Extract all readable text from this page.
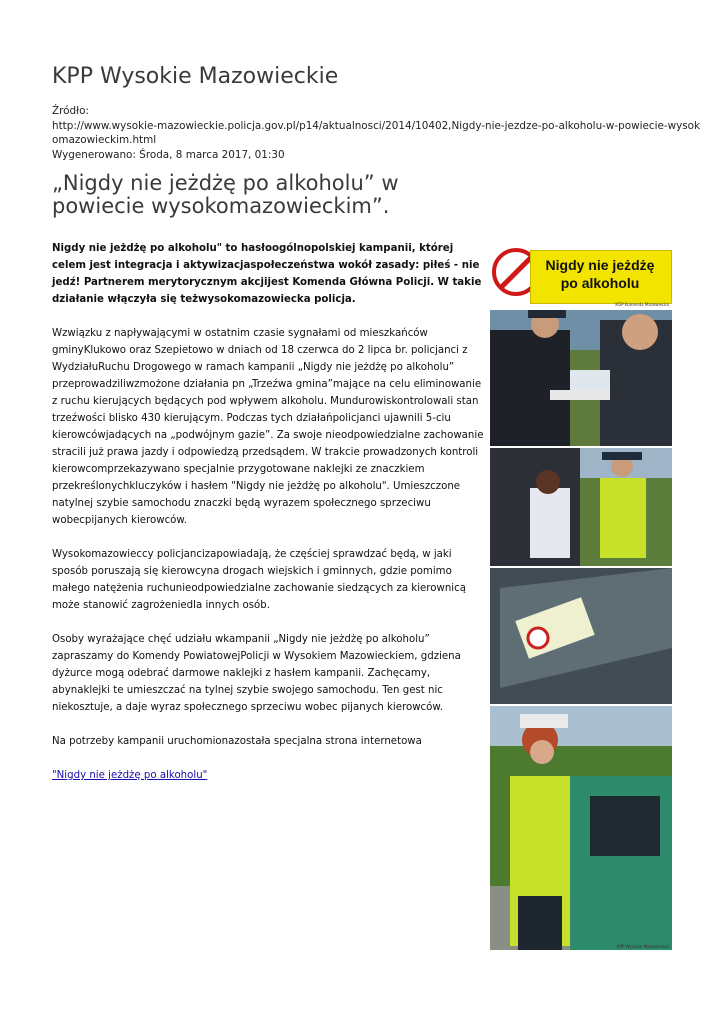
KPP Wysokie Mazowieckie
Źródło:
http://www.wysokie-mazowieckie.policja.gov.pl/p14/aktualnosci/2014/10402,Nigdy-nie-jezdze-po-alkoholu-w-powiecie-wysok
omazowieckim.html
Wygenerowano: Środa, 8 marca 2017, 01:30
„Nigdy nie jeżdżę po alkoholu” w powiecie wysokomazowieckim”.

Nigdy nie jeżdżę po alkoholu" to hasłoogólnopolskiej kampanii, której celem jest integracja i aktywizacjaspołeczeństwa wokół zasady: piłeś - nie jedź! Partnerem merytorycznym akcjijest Komenda Główna Policji. W takie działanie włączyła się teżwysokomazowiecka policja.

Wzwiązku z napływającymi w ostatnim czasie sygnałami od mieszkańców gminyKlukowo oraz Szepietowo w dniach od 18 czerwca do 2 lipca br. policjanci z WydziałuRuchu Drogowego w ramach kampanii „Nigdy nie jeżdżę po alkoholu” przeprowadziliwzmożone działania pn „Trzeźwa gmina”mające na celu eliminowanie z ruchu kierujących będących pod wpływem alkoholu. Mundurowiskontrolowali stan trzeźwości blisko 430 kierującym. Podczas tych działańpolicjanci ujawnili 5-ciu kierowcówjadących na „podwójnym gazie”. Za swoje nieodpowiedzialne zachowanie stracili już prawa jazdy i odpowiedzą przedsądem. W trakcie prowadzonych kontroli kierowcomprzekazywano specjalnie przygotowane naklejki ze znaczkiem przekreślonychkluczyków i hasłem "Nigdy nie jeżdżę po alkoholu". Umieszczone natylnej szybie samochodu znaczki będą wyrazem społecznego sprzeciwu wobecpijanych kierowców.

Wysokomazowieccy policjancizapowiadają, że częściej sprawdzać będą, w jaki sposób poruszają się kierowcyna drogach wiejskich i gminnych, gdzie pomimo małego natężenia ruchunieodpowiedzialne zachowanie siedzących za kierownicą może stanowić zagrożeniedla innych osób.

Osoby wyrażające chęć udziału wkampanii „Nigdy nie jeżdżę po alkoholu” zapraszamy do Komendy PowiatowejPolicji w Wysokiem Mazowieckiem, gdziena dyżurce mogą odebrać darmowe naklejki z hasłem kampanii. Zachęcamy, abynaklejki te umieszczać na tylnej szybie swojego samochodu. Ten gest nic niekosztuje, a daje wyraz społecznego sprzeciwu wobec pijanych kierowców.

Na potrzeby kampanii uruchomionazostała specjalna strona internetowa

"Nigdy nie jeżdżę po alkoholu"

Nigdy nie jeżdżę po alkoholu
KGP Komenda Mazowiecka
KPP Wysokie Mazowieckie
